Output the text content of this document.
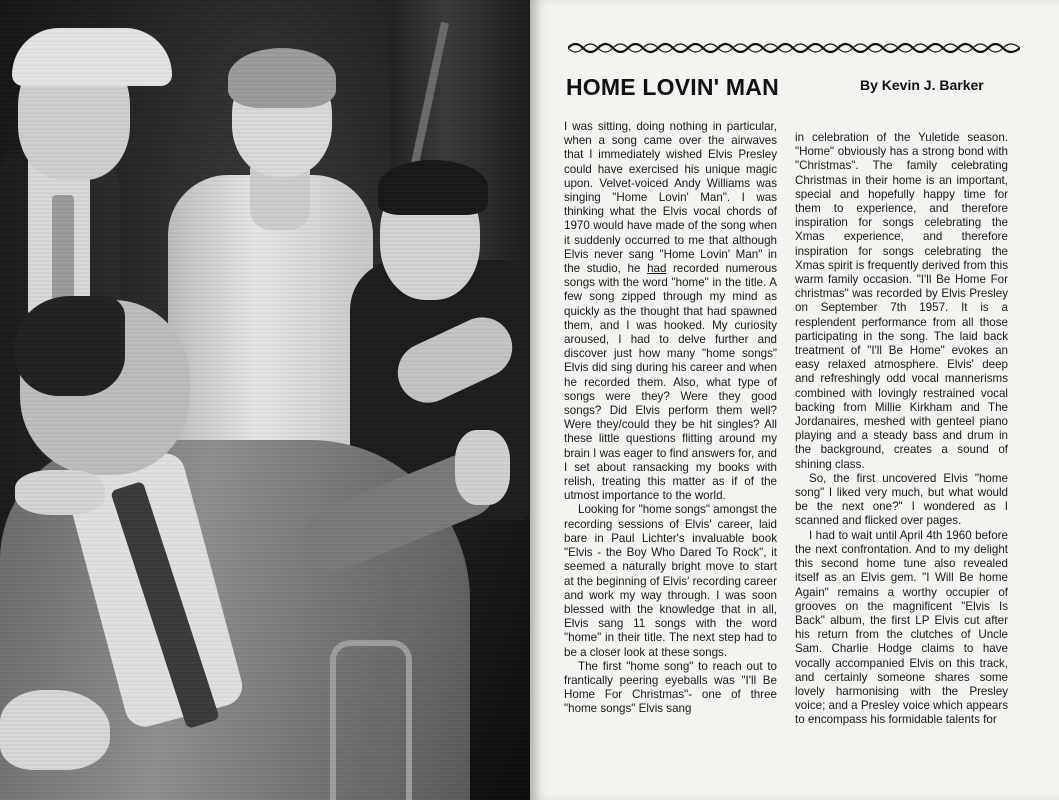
HOME LOVIN' MAN	By Kevin J. Barker

I was sitting, doing nothing in particular, when a song came over the airwaves that I immediately wished Elvis Presley could have exercised his unique magic upon. Velvet-voiced Andy Williams was singing "Home Lovin' Man". I was thinking what the Elvis vocal chords of 1970 would have made of the song when it suddenly occurred to me that although Elvis never sang "Home Lovin' Man" in the studio, he had recorded numerous songs with the word "home" in the title. A few song zipped through my mind as quickly as the thought that had spawned them, and I was hooked. My curiosity aroused, I had to delve further and discover just how many "home songs" Elvis did sing during his career and when he recorded them. Also, what type of songs were they? Were they good songs? Did Elvis perform them well? Were they/could they be hit singles? All these little questions flitting around my brain I was eager to find answers for, and I set about ransacking my books with relish, treating this matter as if of the utmost importance to the world.

Looking for "home songs" amongst the recording sessions of Elvis' career, laid bare in Paul Lichter's invaluable book "Elvis - the Boy Who Dared To Rock", it seemed a naturally bright move to start at the beginning of Elvis' recording career and work my way through. I was soon blessed with the knowledge that in all, Elvis sang 11 songs with the word "home" in their title. The next step had to be a closer look at these songs.

The first "home song" to reach out to frantically peering eyeballs was "I'll Be Home For Christmas"- one of three "home songs" Elvis sang

in celebration of the Yuletide season. "Home" obviously has a strong bond with "Christmas". The family celebrating Christmas in their home is an important, special and hopefully happy time for them to experience, and therefore inspiration for songs celebrating the Xmas experience, and therefore inspiration for songs celebrating the Xmas spirit is frequently derived from this warm family occasion. "I'll Be Home For christmas" was recorded by Elvis Presley on September 7th 1957. It is a resplendent performance from all those participating in the song. The laid back treatment of "I'll Be Home" evokes an easy relaxed atmosphere. Elvis' deep and refreshingly odd vocal mannerisms combined with lovingly restrained vocal backing from Millie Kirkham and The Jordanaires, meshed with genteel piano playing and a steady bass and drum in the background, creates a sound of shining class.

So, the first uncovered Elvis "home song" I liked very much, but what would be the next one?" I wondered as I scanned and flicked over pages.

I had to wait until April 4th 1960 before the next confrontation. And to my delight this second home tune also revealed itself as an Elvis gem. "I Will Be home Again" remains a worthy occupier of grooves on the magnificent "Elvis Is Back" album, the first LP Elvis cut after his return from the clutches of Uncle Sam. Charlie Hodge claims to have vocally accompanied Elvis on this track, and certainly someone shares some lovely harmonising with the Presley voice; and a Presley voice which appears to encompass his formidable talents for
